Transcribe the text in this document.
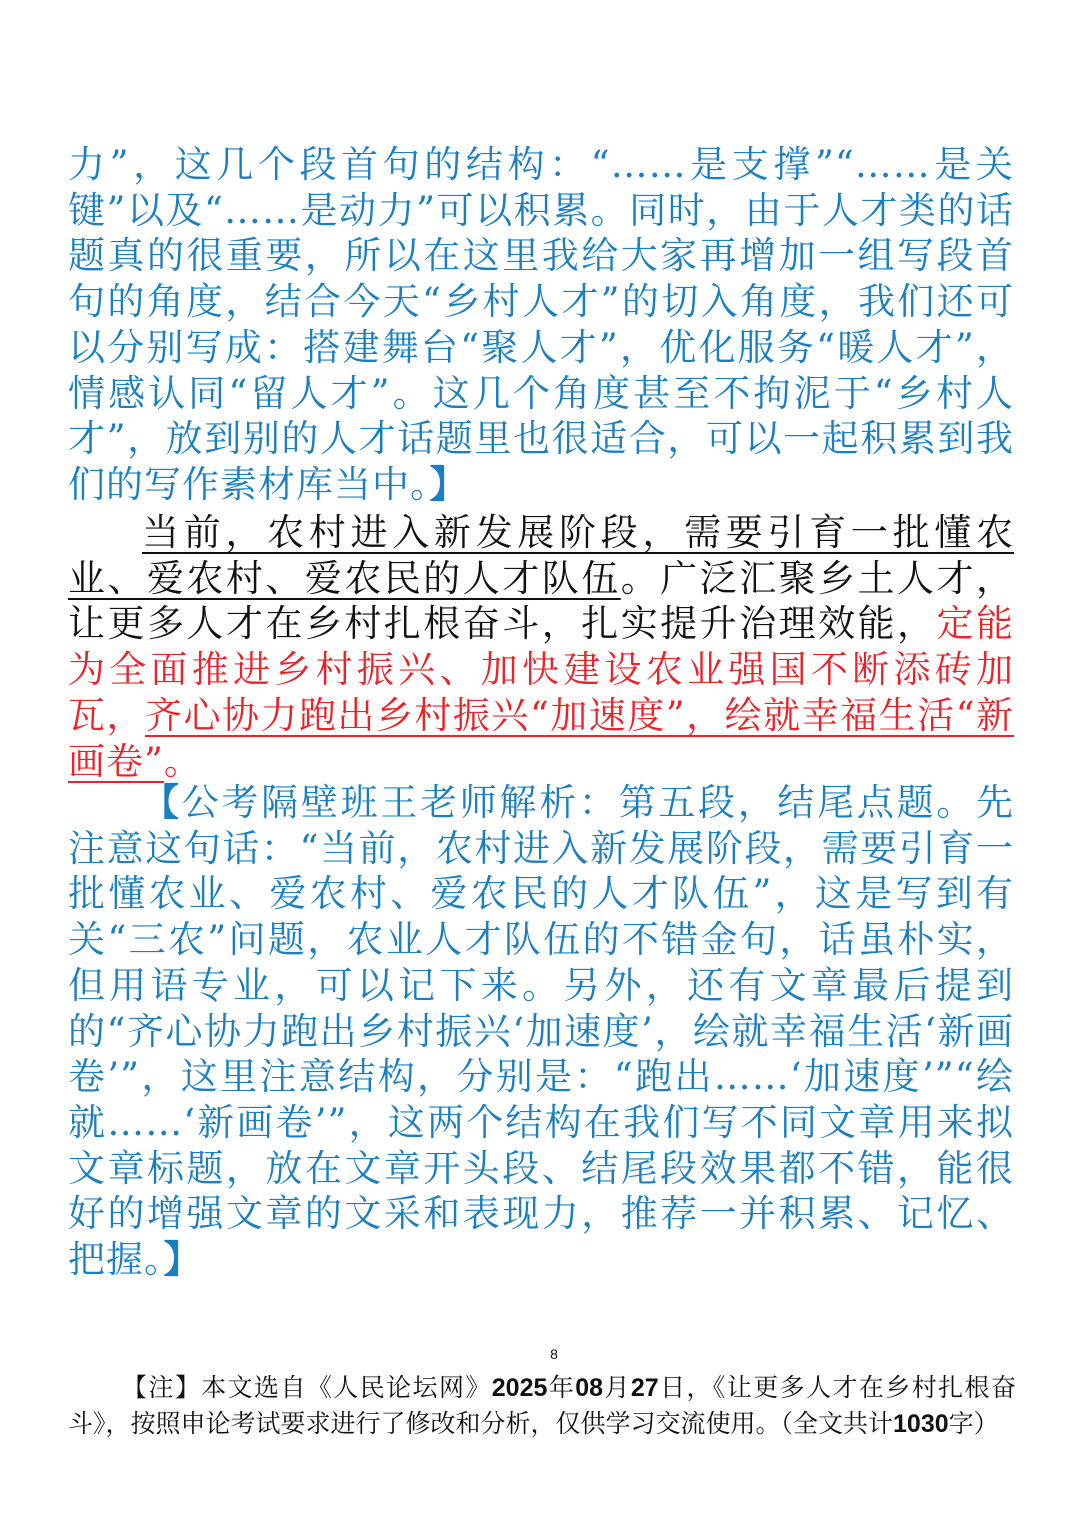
力”，这几个段首句的结构：“……是支撑”“……是关键”以及“……是动力”可以积累。同时，由于人才类的话题真的很重要，所以在这里我给大家再增加一组写段首句的角度，结合今天“乡村人才”的切入角度，我们还可以分别写成：搭建舞台“聚人才”，优化服务“暖人才”，情感认同“留人才”。这几个角度甚至不拘泥于“乡村人才”，放到别的人才话题里也很适合，可以一起积累到我们的写作素材库当中。】
当前，农村进入新发展阶段，需要引育一批懂农业、爱农村、爱农民的人才队伍。广泛汇聚乡土人才，让更多人才在乡村扎根奋斗，扎实提升治理效能，定能为全面推进乡村振兴、加快建设农业强国不断添砖加瓦，齐心协力跑出乡村振兴“加速度”，绘就幸福生活“新画卷”。
【公考隔壁班王老师解析：第五段，结尾点题。先注意这句话：“当前，农村进入新发展阶段，需要引育一批懂农业、爱农村、爱农民的人才队伍”，这是写到有关“三农”问题，农业人才队伍的不错金句，话虽朴实，但用语专业，可以记下来。另外，还有文章最后提到的“齐心协力跑出乡村振兴‘加速度’，绘就幸福生活‘新画卷’”，这里注意结构，分别是：“跑出……‘加速度’”“绘就……‘新画卷’”，这两个结构在我们写不同文章用来拟文章标题，放在文章开头段、结尾段效果都不错，能很好的增强文章的文采和表现力，推荐一并积累、记忆、把握。】
8
【注】本文选自《人民论坛网》2025年08月27日，《让更多人才在乡村扎根奋斗》，按照申论考试要求进行了修改和分析，仅供学习交流使用。（全文共计1030字）
